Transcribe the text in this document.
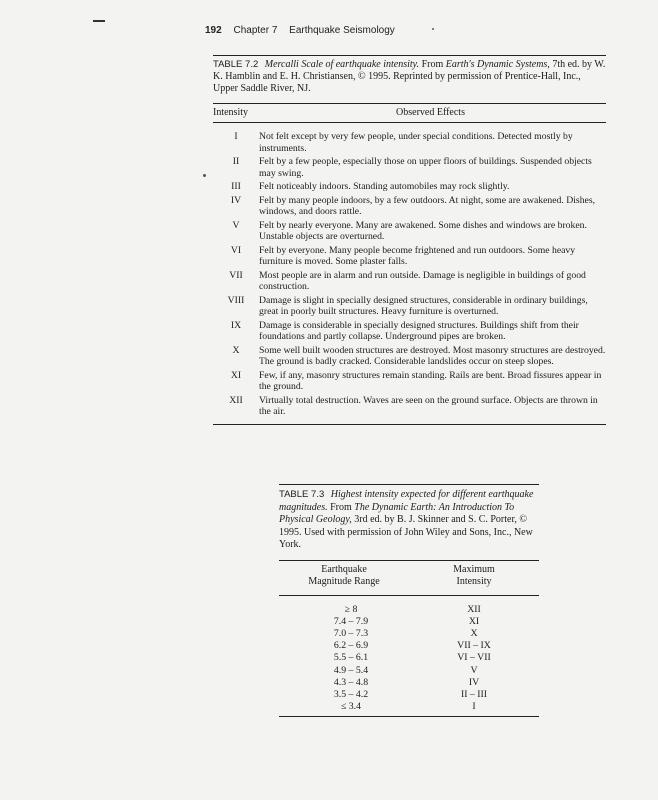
192 Chapter 7 Earthquake Seismology
TABLE 7.2 Mercalli Scale of earthquake intensity. From Earth's Dynamic Systems, 7th ed. by W. K. Hamblin and E. H. Christiansen, © 1995. Reprinted by permission of Prentice-Hall, Inc., Upper Saddle River, NJ.
Intensity	Observed Effects
I	Not felt except by very few people, under special conditions. Detected mostly by instruments.
II	Felt by a few people, especially those on upper floors of buildings. Suspended objects may swing.
III	Felt noticeably indoors. Standing automobiles may rock slightly.
IV	Felt by many people indoors, by a few outdoors. At night, some are awakened. Dishes, windows, and doors rattle.
V	Felt by nearly everyone. Many are awakened. Some dishes and windows are broken. Unstable objects are overturned.
VI	Felt by everyone. Many people become frightened and run outdoors. Some heavy furniture is moved. Some plaster falls.
VII	Most people are in alarm and run outside. Damage is negligible in buildings of good construction.
VIII	Damage is slight in specially designed structures, considerable in ordinary buildings, great in poorly built structures. Heavy furniture is overturned.
IX	Damage is considerable in specially designed structures. Buildings shift from their foundations and partly collapse. Underground pipes are broken.
X	Some well built wooden structures are destroyed. Most masonry structures are destroyed. The ground is badly cracked. Considerable landslides occur on steep slopes.
XI	Few, if any, masonry structures remain standing. Rails are bent. Broad fissures appear in the ground.
XII	Virtually total destruction. Waves are seen on the ground surface. Objects are thrown in the air.
TABLE 7.3 Highest intensity expected for different earthquake magnitudes. From The Dynamic Earth: An Introduction To Physical Geology, 3rd ed. by B. J. Skinner and S. C. Porter, © 1995. Used with permission of John Wiley and Sons, Inc., New York.
Earthquake
Magnitude Range
Maximum
Intensity
≥ 8	XII
7.4 – 7.9	XI
7.0 – 7.3	X
6.2 – 6.9	VII – IX
5.5 – 6.1	VI – VII
4.9 – 5.4	V
4.3 – 4.8	IV
3.5 – 4.2	II – III
≤ 3.4	I
